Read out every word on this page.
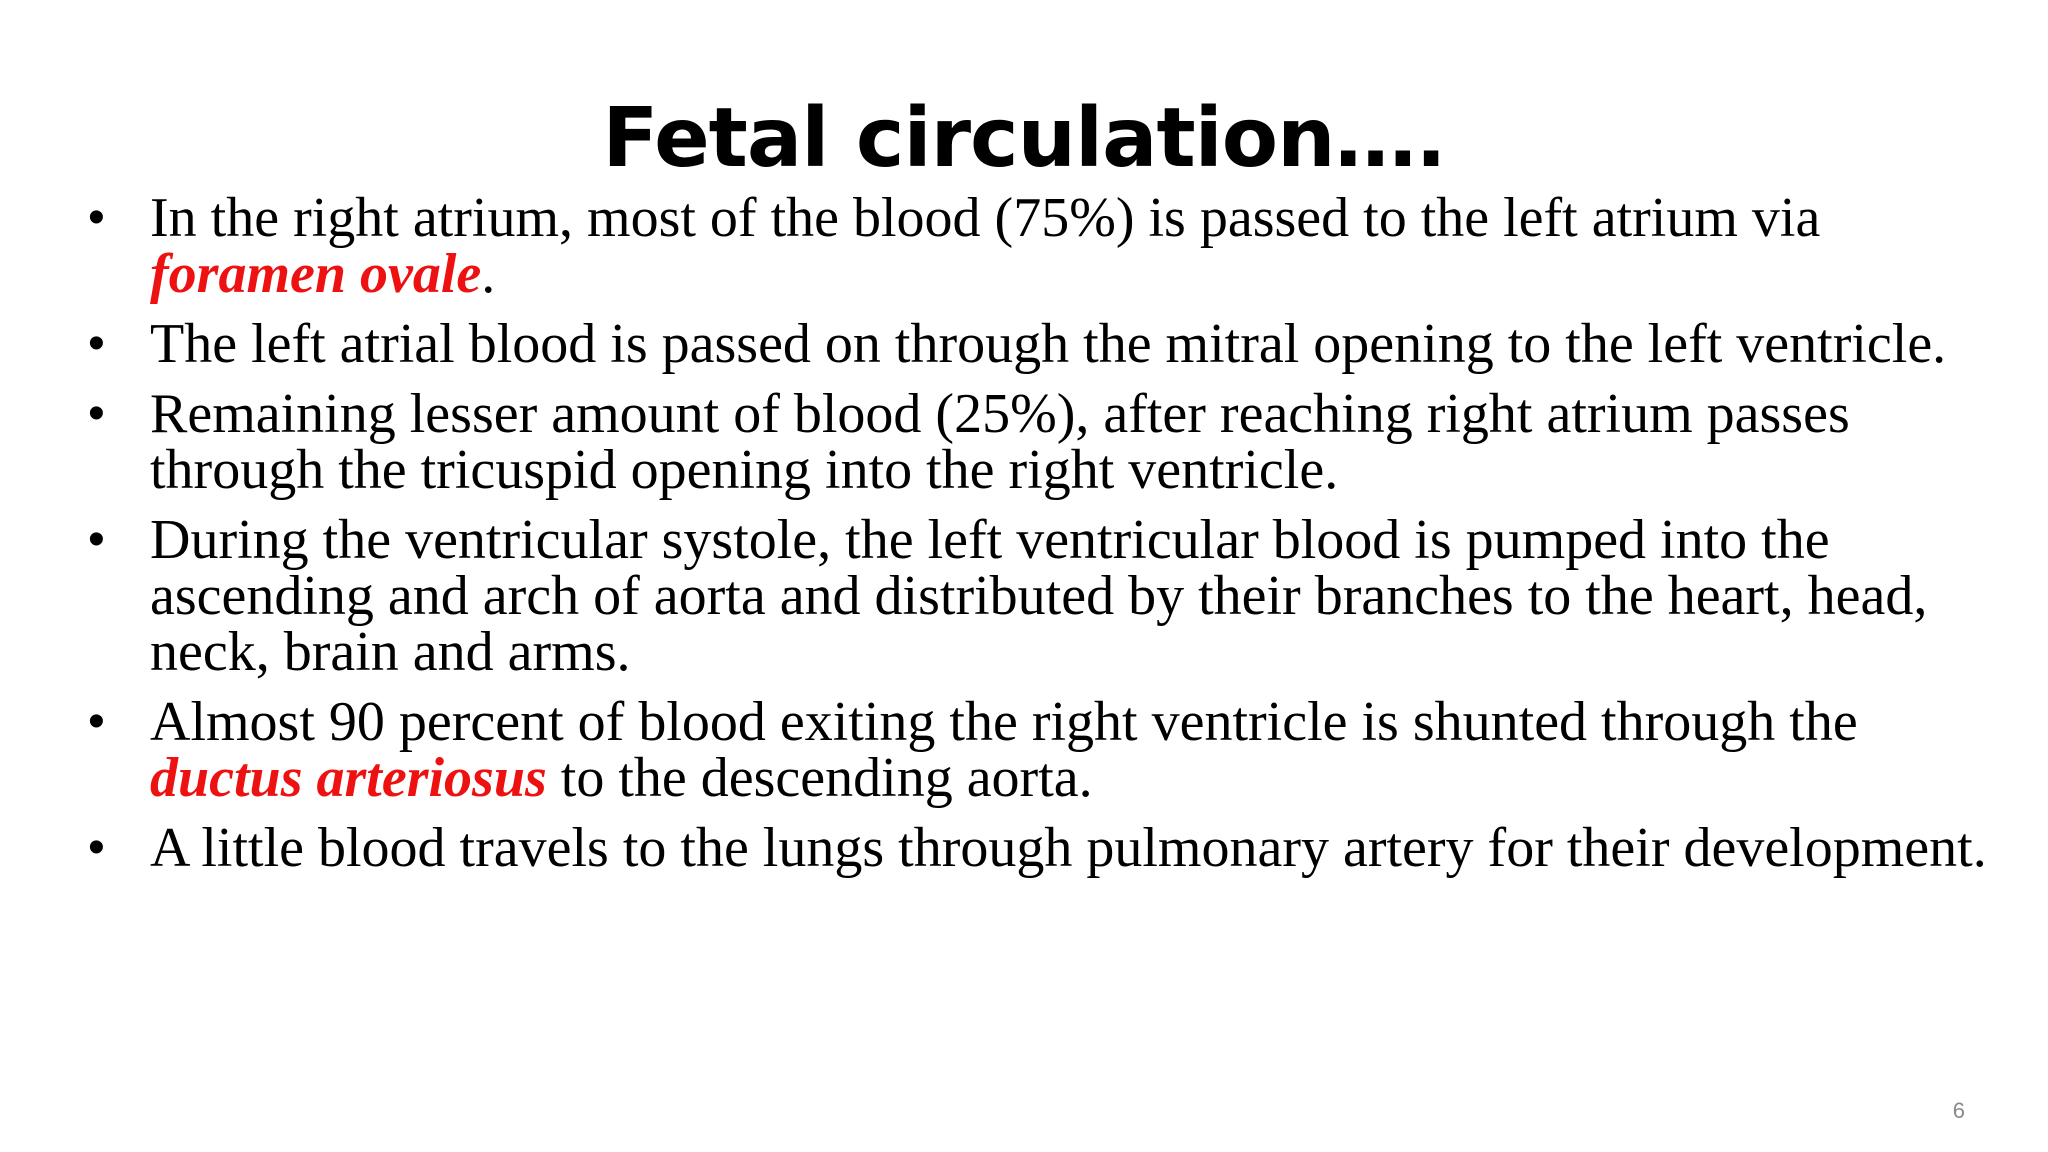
Fetal circulation….
• In the right atrium, most of the blood (75%) is passed to the left atrium via foramen ovale.
• The left atrial blood is passed on through the mitral opening to the left ventricle.
• Remaining lesser amount of blood (25%), after reaching right atrium passes through the tricuspid opening into the right ventricle.
• During the ventricular systole, the left ventricular blood is pumped into the ascending and arch of aorta and distributed by their branches to the heart, head, neck, brain and arms.
• Almost 90 percent of blood exiting the right ventricle is shunted through the ductus arteriosus to the descending aorta.
• A little blood travels to the lungs through pulmonary artery for their development.
6
